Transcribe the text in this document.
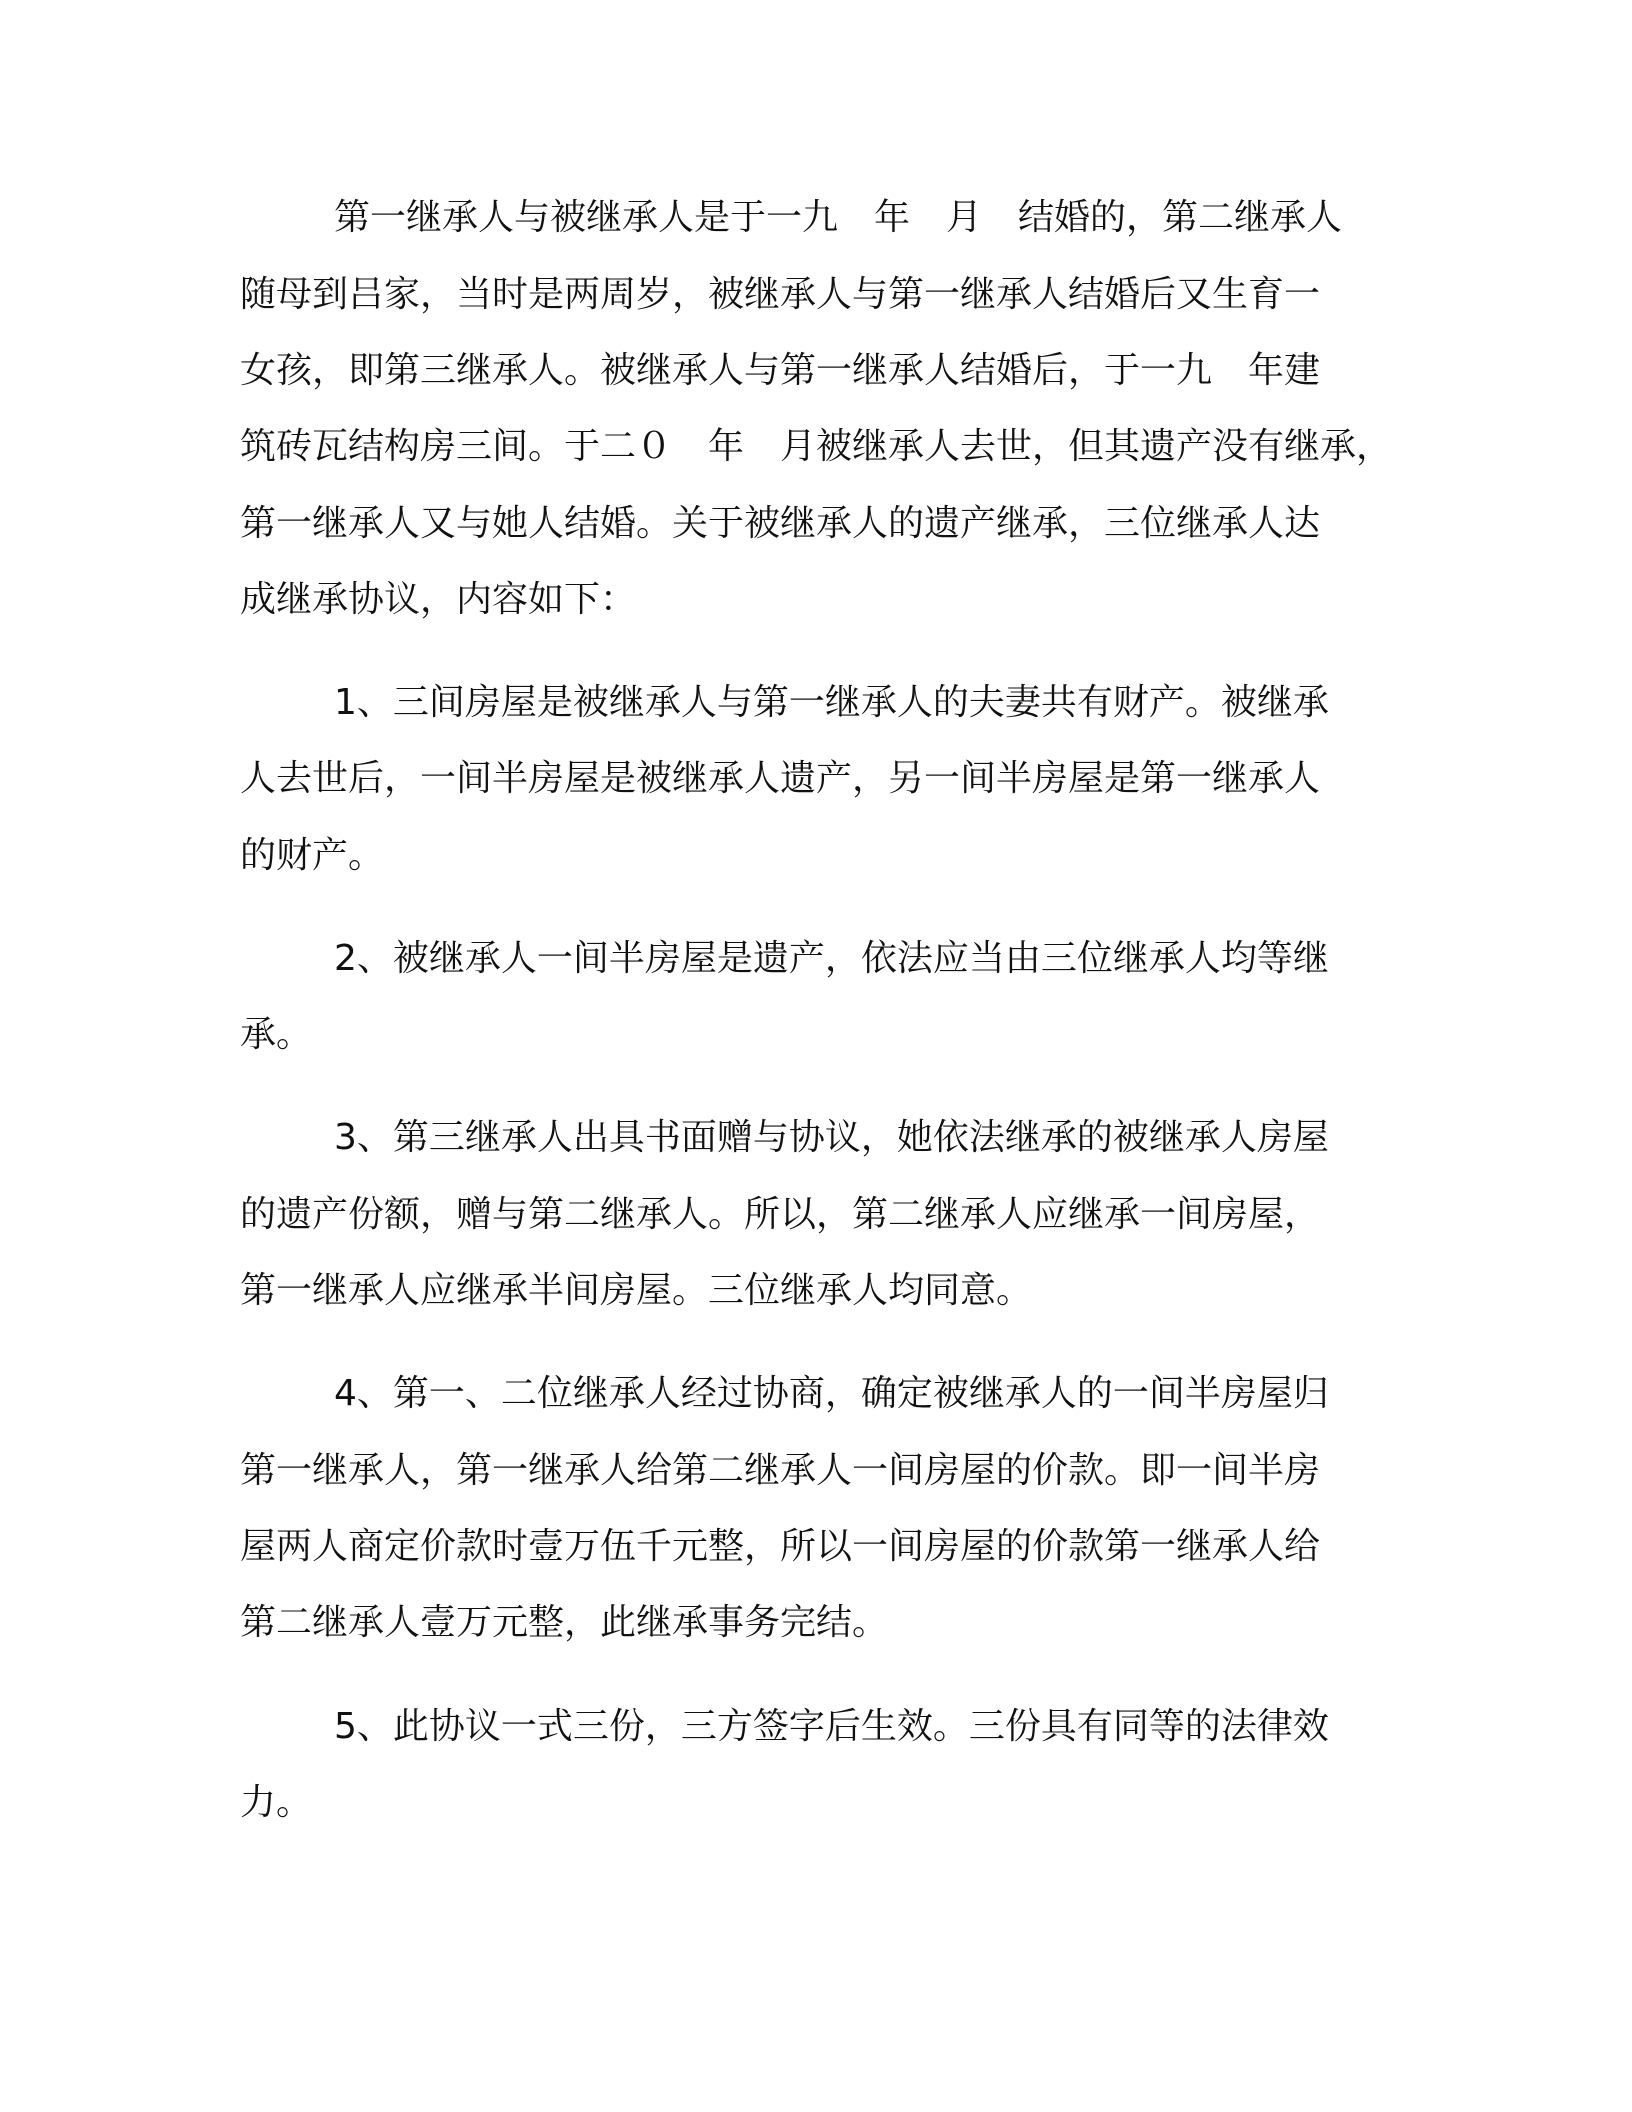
第一继承人与被继承人是于一九　年　月　结婚的，第二继承人
随母到吕家，当时是两周岁，被继承人与第一继承人结婚后又生育一
女孩，即第三继承人。被继承人与第一继承人结婚后，于一九　年建
筑砖瓦结构房三间。于二０　年　月被继承人去世，但其遗产没有继承，
第一继承人又与她人结婚。关于被继承人的遗产继承，三位继承人达
成继承协议，内容如下：
1、三间房屋是被继承人与第一继承人的夫妻共有财产。被继承
人去世后，一间半房屋是被继承人遗产，另一间半房屋是第一继承人
的财产。
2、被继承人一间半房屋是遗产，依法应当由三位继承人均等继
承。
3、第三继承人出具书面赠与协议，她依法继承的被继承人房屋
的遗产份额，赠与第二继承人。所以，第二继承人应继承一间房屋，
第一继承人应继承半间房屋。三位继承人均同意。
4、第一、二位继承人经过协商，确定被继承人的一间半房屋归
第一继承人，第一继承人给第二继承人一间房屋的价款。即一间半房
屋两人商定价款时壹万伍千元整，所以一间房屋的价款第一继承人给
第二继承人壹万元整，此继承事务完结。
5、此协议一式三份，三方签字后生效。三份具有同等的法律效
力。
